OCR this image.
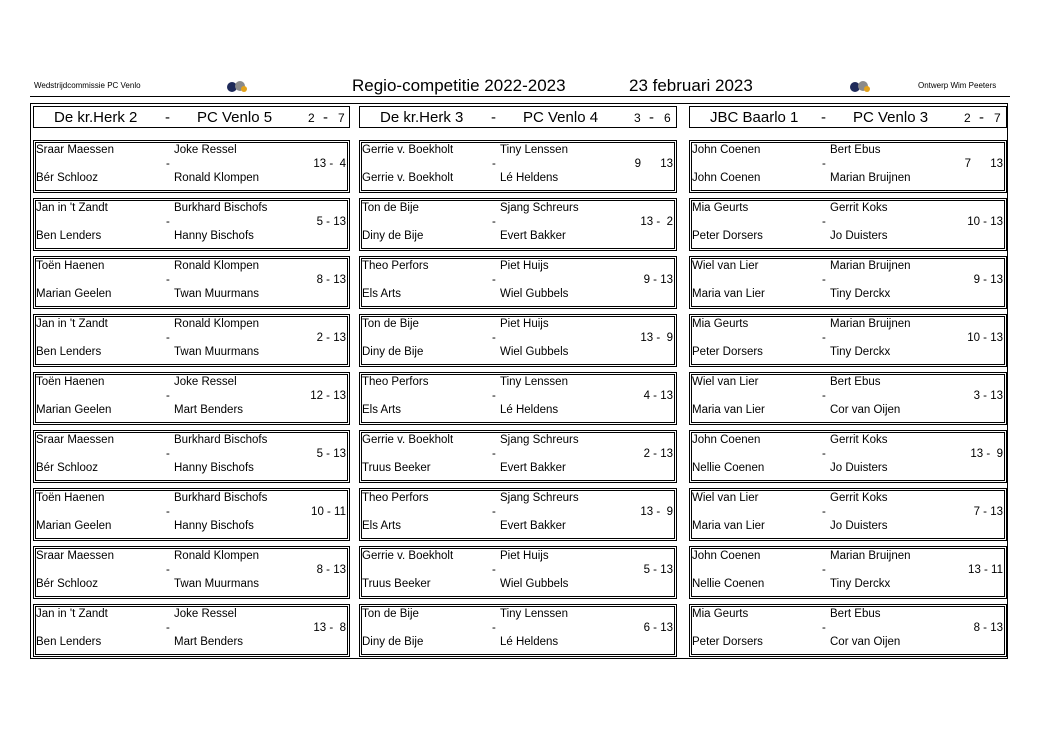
Wedstrijdcommissie PC Venlo	Regio-competitie 2022-2023	23 februari 2023	Ontwerp Wim Peeters
De kr.Herk 2 - PC Venlo 5	2 - 7
Sraar Maessen
Bér Schlooz
Joke Ressel
Ronald Klompen
-	13 -  4
Jan in 't Zandt
Ben Lenders
Burkhard Bischofs
Hanny Bischofs
-	5 - 13
Toën Haenen
Marian Geelen
Ronald Klompen
Twan Muurmans
-	8 - 13
Jan in 't Zandt
Ben Lenders
Ronald Klompen
Twan Muurmans
-	2 - 13
Toën Haenen
Marian Geelen
Joke Ressel
Mart Benders
-	12 - 13
Sraar Maessen
Bér Schlooz
Burkhard Bischofs
Hanny Bischofs
-	5 - 13
Toën Haenen
Marian Geelen
Burkhard Bischofs
Hanny Bischofs
-	10 - 11
Sraar Maessen
Bér Schlooz
Ronald Klompen
Twan Muurmans
-	8 - 13
Jan in 't Zandt
Ben Lenders
Joke Ressel
Mart Benders
-	13 -  8
De kr.Herk 3 - PC Venlo 4	3 - 6
Gerrie v. Boekholt
Gerrie v. Boekholt
Tiny Lenssen
Lé Heldens
-	9      13
Ton de Bije
Diny de Bije
Sjang Schreurs
Evert Bakker
-	13 -  2
Theo Perfors
Els Arts
Piet Huijs
Wiel Gubbels
-	9 - 13
Ton de Bije
Diny de Bije
Piet Huijs
Wiel Gubbels
-	13 -  9
Theo Perfors
Els Arts
Tiny Lenssen
Lé Heldens
-	4 - 13
Gerrie v. Boekholt
Truus Beeker
Sjang Schreurs
Evert Bakker
-	2 - 13
Theo Perfors
Els Arts
Sjang Schreurs
Evert Bakker
-	13 -  9
Gerrie v. Boekholt
Truus Beeker
Piet Huijs
Wiel Gubbels
-	5 - 13
Ton de Bije
Diny de Bije
Tiny Lenssen
Lé Heldens
-	6 - 13
JBC Baarlo 1 - PC Venlo 3	2 - 7
John Coenen
John Coenen
Bert Ebus
Marian Bruijnen
-	7      13
Mia Geurts
Peter Dorsers
Gerrit Koks
Jo Duisters
-	10 - 13
Wiel van Lier
Maria van Lier
Marian Bruijnen
Tiny Derckx
-	9 - 13
Mia Geurts
Peter Dorsers
Marian Bruijnen
Tiny Derckx
-	10 - 13
Wiel van Lier
Maria van Lier
Bert Ebus
Cor van Oijen
-	3 - 13
John Coenen
Nellie Coenen
Gerrit Koks
Jo Duisters
-	13 -  9
Wiel van Lier
Maria van Lier
Gerrit Koks
Jo Duisters
-	7 - 13
John Coenen
Nellie Coenen
Marian Bruijnen
Tiny Derckx
-	13 - 11
Mia Geurts
Peter Dorsers
Bert Ebus
Cor van Oijen
-	8 - 13
